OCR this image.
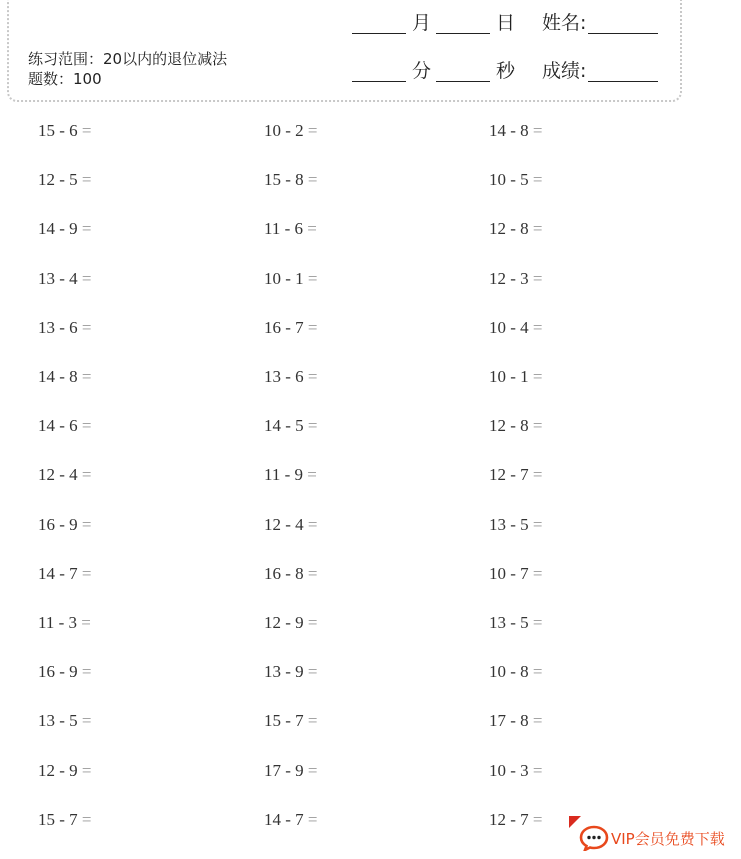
月	日 姓名:
分	秒 成绩:
练习范围：20以内的退位减法 题数：100
15 - 6 =	10 - 2 =	14 - 8 =
12 - 5 =	15 - 8 =	10 - 5 =
14 - 9 =	11 - 6 =	12 - 8 =
13 - 4 =	10 - 1 =	12 - 3 =
13 - 6 =	16 - 7 =	10 - 4 =
14 - 8 =	13 - 6 =	10 - 1 =
14 - 6 =	14 - 5 =	12 - 8 =
12 - 4 =	11 - 9 =	12 - 7 =
16 - 9 =	12 - 4 =	13 - 5 =
14 - 7 =	16 - 8 =	10 - 7 =
11 - 3 =	12 - 9 =	13 - 5 =
16 - 9 =	13 - 9 =	10 - 8 =
13 - 5 =	15 - 7 =	17 - 8 =
12 - 9 =	17 - 9 =	10 - 3 =
15 - 7 =	14 - 7 =	12 - 7 =
VIP会员免费下载
